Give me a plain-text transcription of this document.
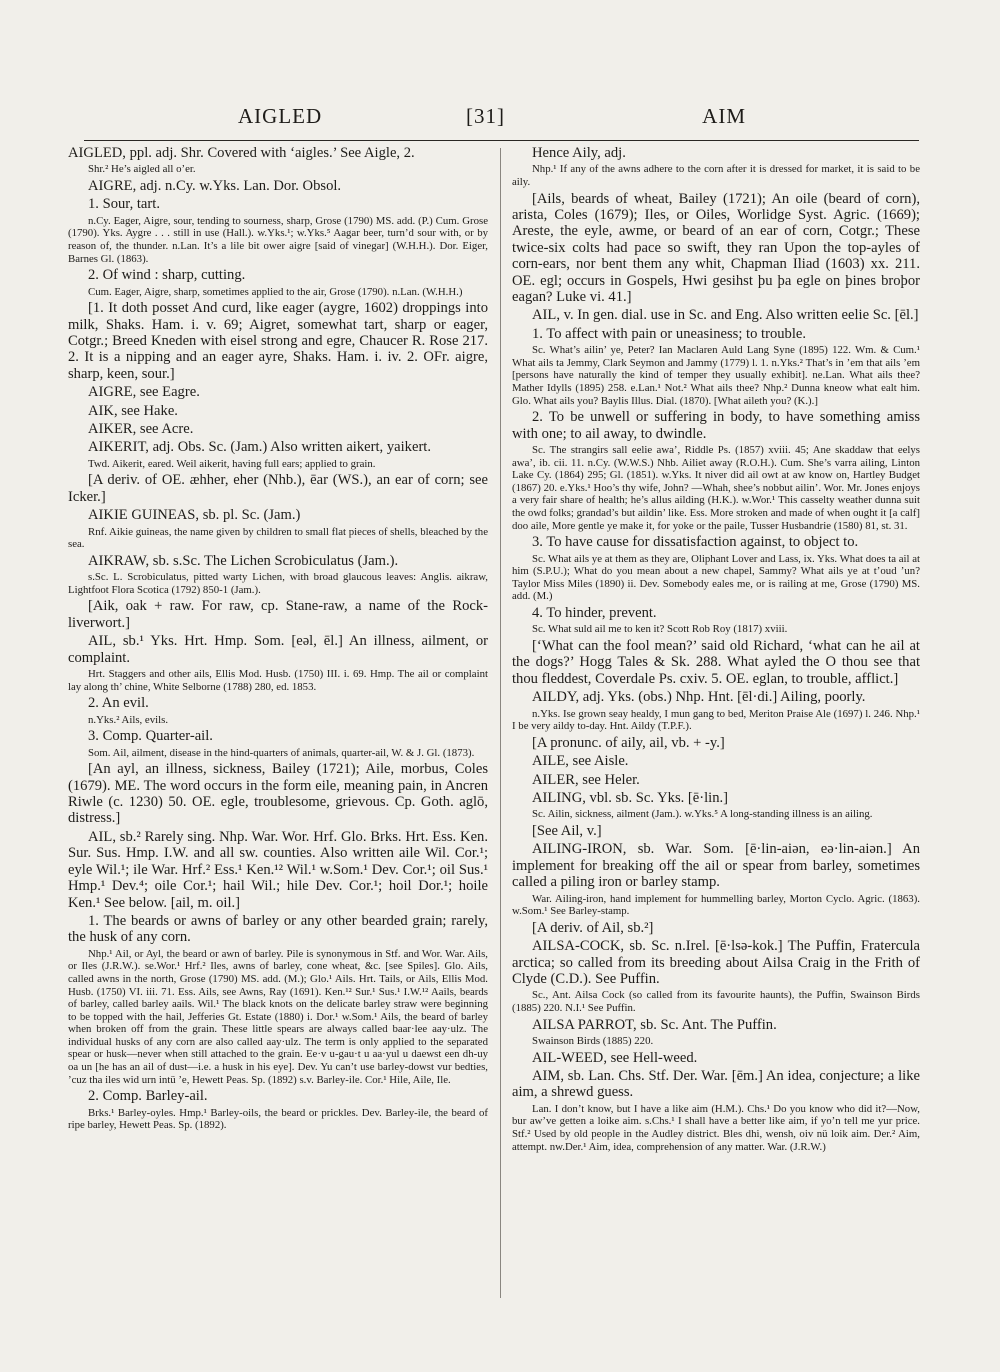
AIGLED	[31]	AIM

AIGLED, ppl. adj. Shr. Covered with ‘aigles.’ See Aigle, 2.

Shr.² He’s aigled all o’er.

AIGRE, adj. n.Cy. w.Yks. Lan. Dor. Obsol.

1. Sour, tart.

n.Cy. Eager, Aigre, sour, tending to sourness, sharp, Grose (1790) MS. add. (P.) Cum. Grose (1790). Yks. Aygre . . . still in use (Hall.). w.Yks.¹; w.Yks.⁵ Aagar beer, turn’d sour with, or by reason of, the thunder. n.Lan. It’s a lile bit ower aigre [said of vinegar] (W.H.H.). Dor. Eiger, Barnes Gl. (1863).

2. Of wind : sharp, cutting.

Cum. Eager, Aigre, sharp, sometimes applied to the air, Grose (1790). n.Lan. (W.H.H.)

[1. It doth posset And curd, like eager (aygre, 1602) droppings into milk, Shaks. Ham. i. v. 69; Aigret, somewhat tart, sharp or eager, Cotgr.; Breed Kneden with eisel strong and egre, Chaucer R. Rose 217. 2. It is a nipping and an eager ayre, Shaks. Ham. i. iv. 2. OFr. aigre, sharp, keen, sour.]

AIGRE, see Eagre.

AIK, see Hake.

AIKER, see Acre.

AIKERIT, adj. Obs. Sc. (Jam.) Also written aikert, yaikert.

Twd. Aikerit, eared. Weil aikerit, having full ears; applied to grain.

[A deriv. of OE. æhher, eher (Nhb.), ēar (WS.), an ear of corn; see Icker.]

AIKIE GUINEAS, sb. pl. Sc. (Jam.)

Rnf. Aikie guineas, the name given by children to small flat pieces of shells, bleached by the sea.

AIKRAW, sb. s.Sc. The Lichen Scrobiculatus (Jam.).

s.Sc. L. Scrobiculatus, pitted warty Lichen, with broad glaucous leaves: Anglis. aikraw, Lightfoot Flora Scotica (1792) 850-1 (Jam.).

[Aik, oak + raw. For raw, cp. Stane-raw, a name of the Rock-liverwort.]

AIL, sb.¹ Yks. Hrt. Hmp. Som. [eəl, ēl.] An illness, ailment, or complaint.

Hrt. Staggers and other ails, Ellis Mod. Husb. (1750) III. i. 69. Hmp. The ail or complaint lay along th’ chine, White Selborne (1788) 280, ed. 1853.

2. An evil.

n.Yks.² Ails, evils.

3. Comp. Quarter-ail.

Som. Ail, ailment, disease in the hind-quarters of animals, quarter-ail, W. & J. Gl. (1873).

[An ayl, an illness, sickness, Bailey (1721); Aile, morbus, Coles (1679). ME. The word occurs in the form eile, meaning pain, in Ancren Riwle (c. 1230) 50. OE. egle, troublesome, grievous. Cp. Goth. aglō, distress.]

AIL, sb.² Rarely sing. Nhp. War. Wor. Hrf. Glo. Brks. Hrt. Ess. Ken. Sur. Sus. Hmp. I.W. and all sw. counties. Also written aile Wil. Cor.¹; eyle Wil.¹; ile War. Hrf.² Ess.¹ Ken.¹² Wil.¹ w.Som.¹ Dev. Cor.¹; oil Sus.¹ Hmp.¹ Dev.⁴; oile Cor.¹; hail Wil.; hile Dev. Cor.¹; hoil Dor.¹; hoile Ken.¹ See below. [ail, m. oil.]

1. The beards or awns of barley or any other bearded grain; rarely, the husk of any corn.

Nhp.¹ Ail, or Ayl, the beard or awn of barley. Pile is synonymous in Stf. and Wor. War. Ails, or Iles (J.R.W.). se.Wor.¹ Hrf.² Iles, awns of barley, cone wheat, &c. [see Spiles]. Glo. Ails, called awns in the north, Grose (1790) MS. add. (M.); Glo.¹ Ails. Hrt. Tails, or Ails, Ellis Mod. Husb. (1750) VI. iii. 71. Ess. Ails, see Awns, Ray (1691). Ken.¹² Sur.¹ Sus.¹ I.W.¹² Aails, beards of barley, called barley aails. Wil.¹ The black knots on the delicate barley straw were beginning to be topped with the hail, Jefferies Gt. Estate (1880) i. Dor.¹ w.Som.¹ Ails, the beard of barley when broken off from the grain. These little spears are always called baar·lee aay·ulz. The individual husks of any corn are also called aay·ulz. The term is only applied to the separated spear or husk—never when still attached to the grain. Ee·v u-gau·t u aa·yul u daewst een dh-uy oa un [he has an ail of dust—i.e. a husk in his eye]. Dev. Yu can’t use barley-dowst vur bedties, ’cuz tha iles wid urn intü ’e, Hewett Peas. Sp. (1892) s.v. Barley-ile. Cor.¹ Hile, Aile, Ile.

2. Comp. Barley-ail.

Brks.¹ Barley-oyles. Hmp.¹ Barley-oils, the beard or prickles. Dev. Barley-ile, the beard of ripe barley, Hewett Peas. Sp. (1892).

Hence Aily, adj.

Nhp.¹ If any of the awns adhere to the corn after it is dressed for market, it is said to be aily.

[Ails, beards of wheat, Bailey (1721); An oile (beard of corn), arista, Coles (1679); Iles, or Oiles, Worlidge Syst. Agric. (1669); Areste, the eyle, awme, or beard of an ear of corn, Cotgr.; These twice-six colts had pace so swift, they ran Upon the top-ayles of corn-ears, nor bent them any whit, Chapman Iliad (1603) xx. 211. OE. egl; occurs in Gospels, Hwi gesihst þu þa egle on þines broþor eagan? Luke vi. 41.]

AIL, v. In gen. dial. use in Sc. and Eng. Also written eelie Sc. [ēl.]

1. To affect with pain or uneasiness; to trouble.

Sc. What’s ailin’ ye, Peter? Ian Maclaren Auld Lang Syne (1895) 122. Wm. & Cum.¹ What ails ta Jemmy, Clark Seymon and Jammy (1779) l. 1. n.Yks.² That’s in ’em that ails ’em [persons have naturally the kind of temper they usually exhibit]. ne.Lan. What ails thee? Mather Idylls (1895) 258. e.Lan.¹ Not.² What ails thee? Nhp.² Dunna kneow what ealt him. Glo. What ails you? Baylis Illus. Dial. (1870). [What aileth you? (K.).]

2. To be unwell or suffering in body, to have something amiss with one; to ail away, to dwindle.

Sc. The strangirs sall eelie awa’, Riddle Ps. (1857) xviii. 45; Ane skaddaw that eelys awa’, ib. cii. 11. n.Cy. (W.W.S.) Nhb. Ailiet away (R.O.H.). Cum. She’s varra ailing, Linton Lake Cy. (1864) 295; Gl. (1851). w.Yks. It niver did ail owt at aw know on, Hartley Budget (1867) 20. e.Yks.¹ Hoo’s thy wife, John? —Whah, shee’s nobbut ailin’. Wor. Mr. Jones enjoys a very fair share of health; he’s allus ailding (H.K.). w.Wor.¹ This casselty weather dunna suit the owd folks; grandad’s but aildin’ like. Ess. More stroken and made of when ought it [a calf] doo aile, More gentle ye make it, for yoke or the paile, Tusser Husbandrie (1580) 81, st. 31.

3. To have cause for dissatisfaction against, to object to.

Sc. What ails ye at them as they are, Oliphant Lover and Lass, ix. Yks. What does ta ail at him (S.P.U.); What do you mean about a new chapel, Sammy? What ails ye at t’oud ’un? Taylor Miss Miles (1890) ii. Dev. Somebody eales me, or is railing at me, Grose (1790) MS. add. (M.)

4. To hinder, prevent.

Sc. What suld ail me to ken it? Scott Rob Roy (1817) xviii.

[‘What can the fool mean?’ said old Richard, ‘what can he ail at the dogs?’ Hogg Tales & Sk. 288. What ayled the O thou see that thou fleddest, Coverdale Ps. cxiv. 5. OE. eglan, to trouble, afflict.]

AILDY, adj. Yks. (obs.) Nhp. Hnt. [ēl·di.] Ailing, poorly.

n.Yks. Ise grown seay healdy, I mun gang to bed, Meriton Praise Ale (1697) l. 246. Nhp.¹ I be very aildy to-day. Hnt. Aildy (T.P.F.).

[A pronunc. of aily, ail, vb. + -y.]

AILE, see Aisle.

AILER, see Heler.

AILING, vbl. sb. Sc. Yks. [ē·lin.]

Sc. Ailin, sickness, ailment (Jam.). w.Yks.⁵ A long-standing illness is an ailing.

[See Ail, v.]

AILING-IRON, sb. War. Som. [ē·lin-aiən, eə·lin-aiən.] An implement for breaking off the ail or spear from barley, sometimes called a piling iron or barley stamp.

War. Ailing-iron, hand implement for hummelling barley, Morton Cyclo. Agric. (1863). w.Som.¹ See Barley-stamp.

[A deriv. of Ail, sb.²]

AILSA-COCK, sb. Sc. n.Irel. [ē·lsə-kok.] The Puffin, Fratercula arctica; so called from its breeding about Ailsa Craig in the Frith of Clyde (C.D.). See Puffin.

Sc., Ant. Ailsa Cock (so called from its favourite haunts), the Puffin, Swainson Birds (1885) 220. N.I.¹ See Puffin.

AILSA PARROT, sb. Sc. Ant. The Puffin.

Swainson Birds (1885) 220.

AIL-WEED, see Hell-weed.

AIM, sb. Lan. Chs. Stf. Der. War. [ēm.] An idea, conjecture; a like aim, a shrewd guess.

Lan. I don’t know, but I have a like aim (H.M.). Chs.¹ Do you know who did it?—Now, bur aw’ve getten a loike aim. s.Chs.¹ I shall have a better like aim, if yo’n tell me yur price. Stf.² Used by old people in the Audley district. Bles dhi, wensh, oiv nü loik aim. Der.² Aim, attempt. nw.Der.¹ Aim, idea, comprehension of any matter. War. (J.R.W.)
